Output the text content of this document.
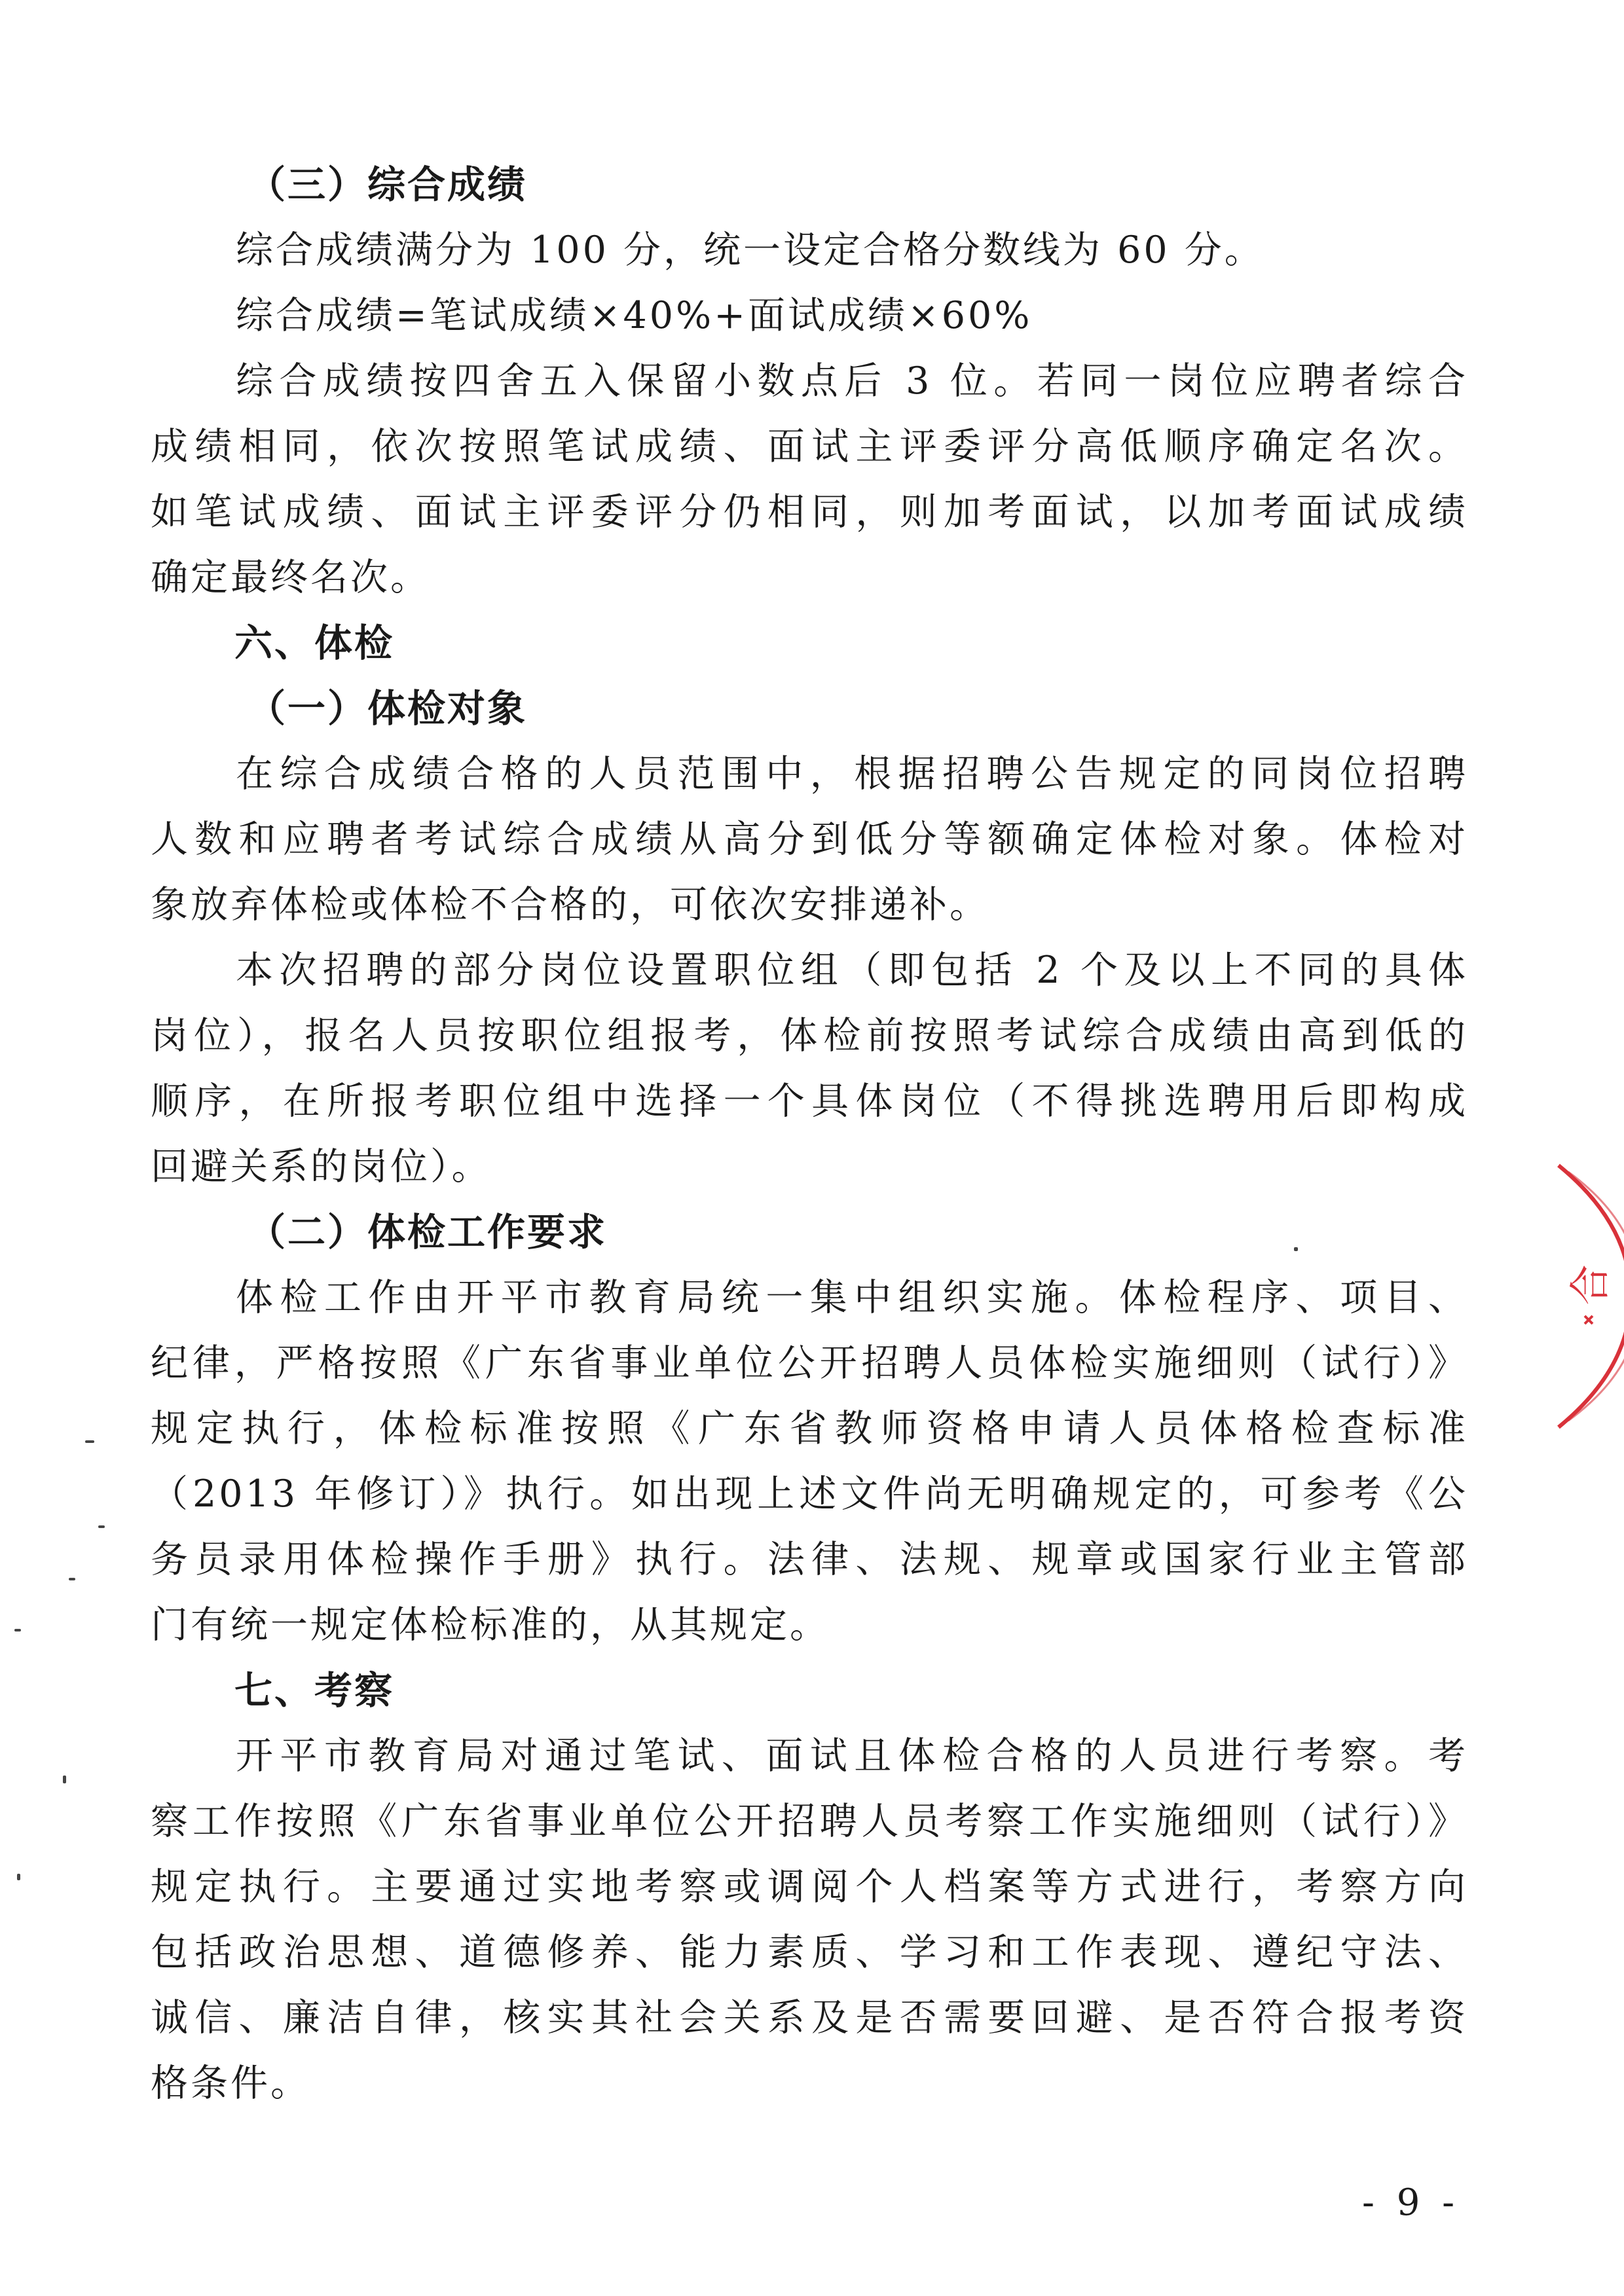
（三）综合成绩
综合成绩满分为 100 分，统一设定合格分数线为 60 分。
综合成绩=笔试成绩×40%+面试成绩×60%
综合成绩按四舍五入保留小数点后 3 位。若同一岗位应聘者综合
成绩相同，依次按照笔试成绩、面试主评委评分高低顺序确定名次。
如笔试成绩、面试主评委评分仍相同，则加考面试，以加考面试成绩
确定最终名次。
六、体检
（一）体检对象
在综合成绩合格的人员范围中，根据招聘公告规定的同岗位招聘
人数和应聘者考试综合成绩从高分到低分等额确定体检对象。体检对
象放弃体检或体检不合格的，可依次安排递补。
本次招聘的部分岗位设置职位组（即包括 2 个及以上不同的具体
岗位），报名人员按职位组报考，体检前按照考试综合成绩由高到低的
顺序，在所报考职位组中选择一个具体岗位（不得挑选聘用后即构成
回避关系的岗位）。
（二）体检工作要求
体检工作由开平市教育局统一集中组织实施。体检程序、项目、
纪律，严格按照《广东省事业单位公开招聘人员体检实施细则（试行）》
规定执行，体检标准按照《广东省教师资格申请人员体格检查标准
（2013 年修订）》执行。如出现上述文件尚无明确规定的，可参考《公
务员录用体检操作手册》执行。法律、法规、规章或国家行业主管部
门有统一规定体检标准的，从其规定。
七、考察
开平市教育局对通过笔试、面试且体检合格的人员进行考察。考
察工作按照《广东省事业单位公开招聘人员考察工作实施细则（试行）》
规定执行。主要通过实地考察或调阅个人档案等方式进行，考察方向
包括政治思想、道德修养、能力素质、学习和工作表现、遵纪守法、
诚信、廉洁自律，核实其社会关系及是否需要回避、是否符合报考资
格条件。
合
- 9 -
